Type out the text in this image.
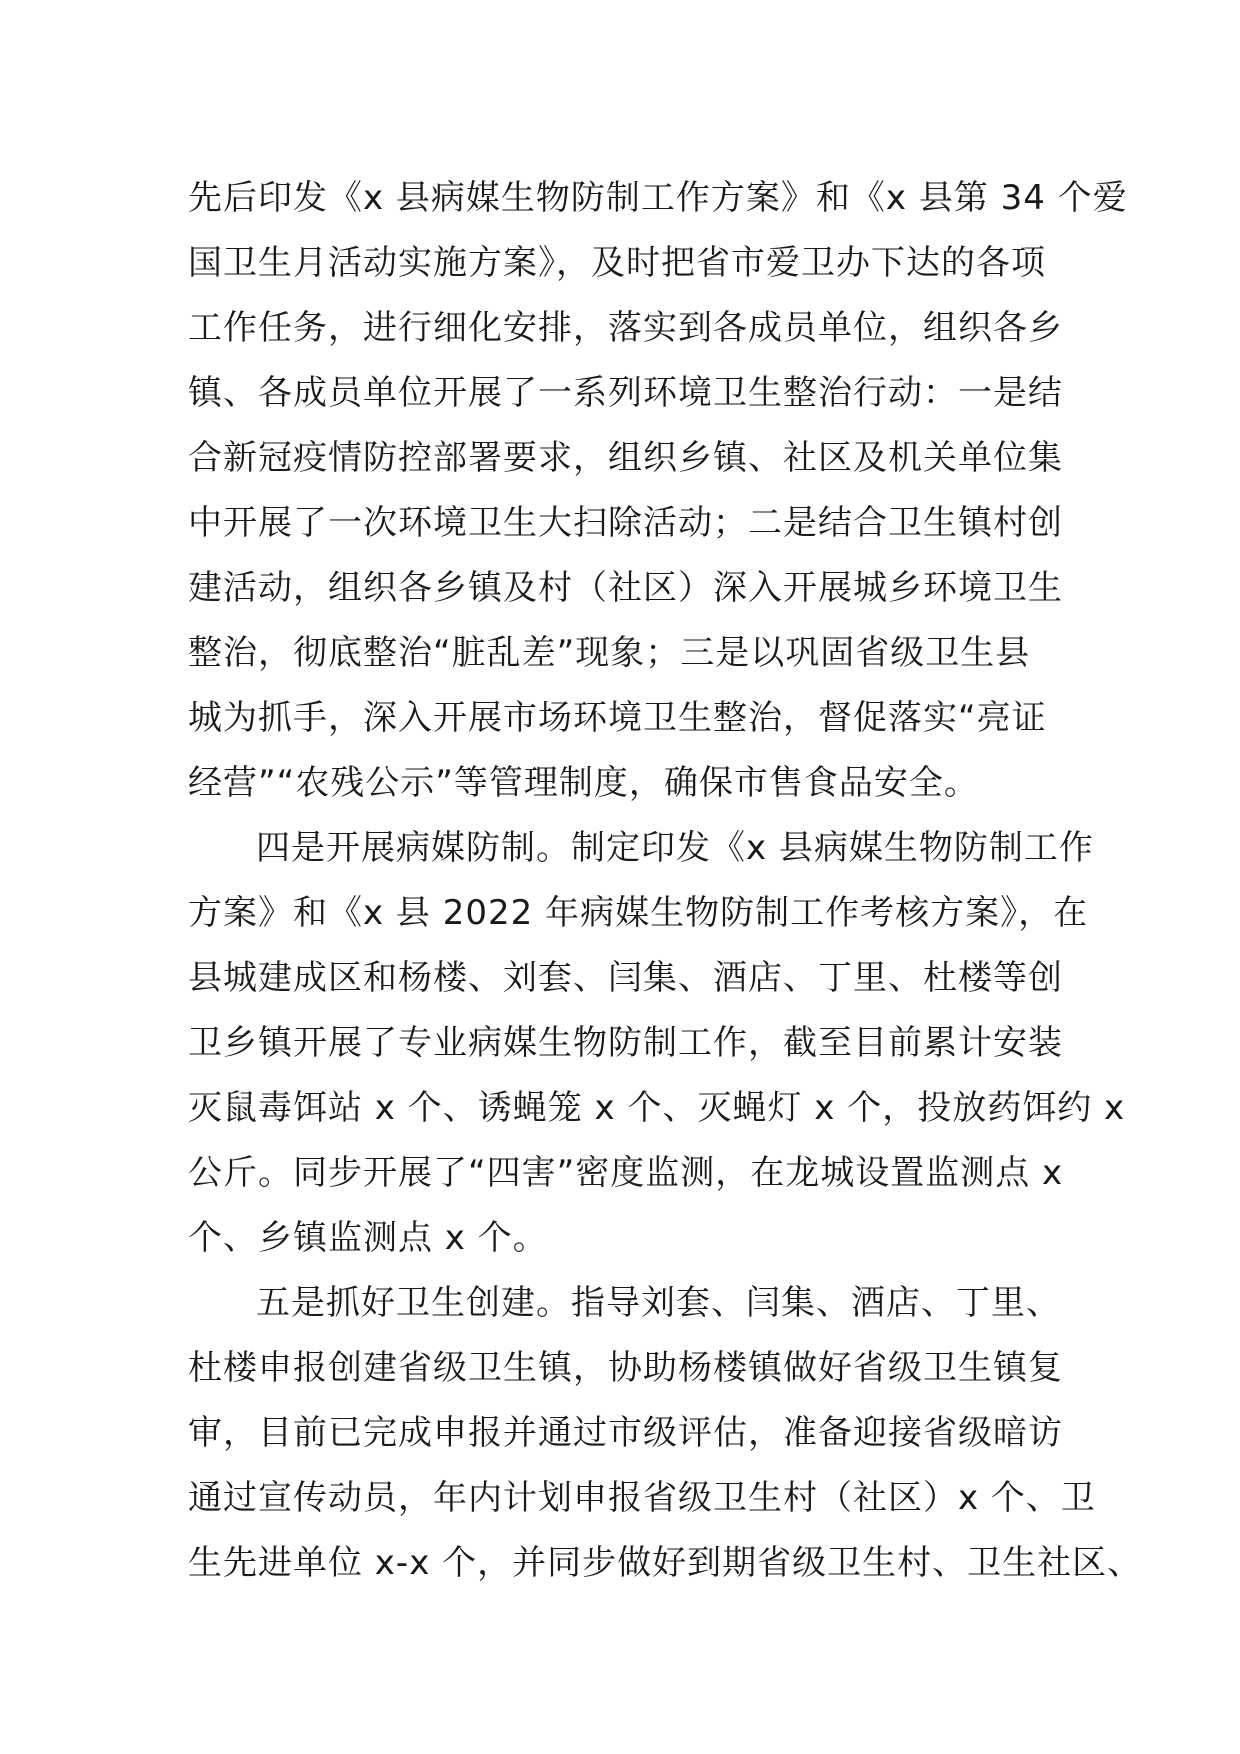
先后印发《x 县病媒生物防制工作方案》和《x 县第 34 个爱
国卫生月活动实施方案》，及时把省市爱卫办下达的各项
工作任务，进行细化安排，落实到各成员单位，组织各乡
镇、各成员单位开展了一系列环境卫生整治行动：一是结
合新冠疫情防控部署要求，组织乡镇、社区及机关单位集
中开展了一次环境卫生大扫除活动；二是结合卫生镇村创
建活动，组织各乡镇及村（社区）深入开展城乡环境卫生
整治，彻底整治“脏乱差”现象；三是以巩固省级卫生县
城为抓手，深入开展市场环境卫生整治，督促落实“亮证
经营”“农残公示”等管理制度，确保市售食品安全。
四是开展病媒防制。制定印发《x 县病媒生物防制工作
方案》和《x 县 2022 年病媒生物防制工作考核方案》，在
县城建成区和杨楼、刘套、闫集、酒店、丁里、杜楼等创
卫乡镇开展了专业病媒生物防制工作，截至目前累计安装
灭鼠毒饵站 x 个、诱蝇笼 x 个、灭蝇灯 x 个，投放药饵约 x
公斤。同步开展了“四害”密度监测，在龙城设置监测点 x
个、乡镇监测点 x 个。
五是抓好卫生创建。指导刘套、闫集、酒店、丁里、
杜楼申报创建省级卫生镇，协助杨楼镇做好省级卫生镇复
审，目前已完成申报并通过市级评估，准备迎接省级暗访
通过宣传动员，年内计划申报省级卫生村（社区）x 个、卫
生先进单位 x-x 个，并同步做好到期省级卫生村、卫生社区、
